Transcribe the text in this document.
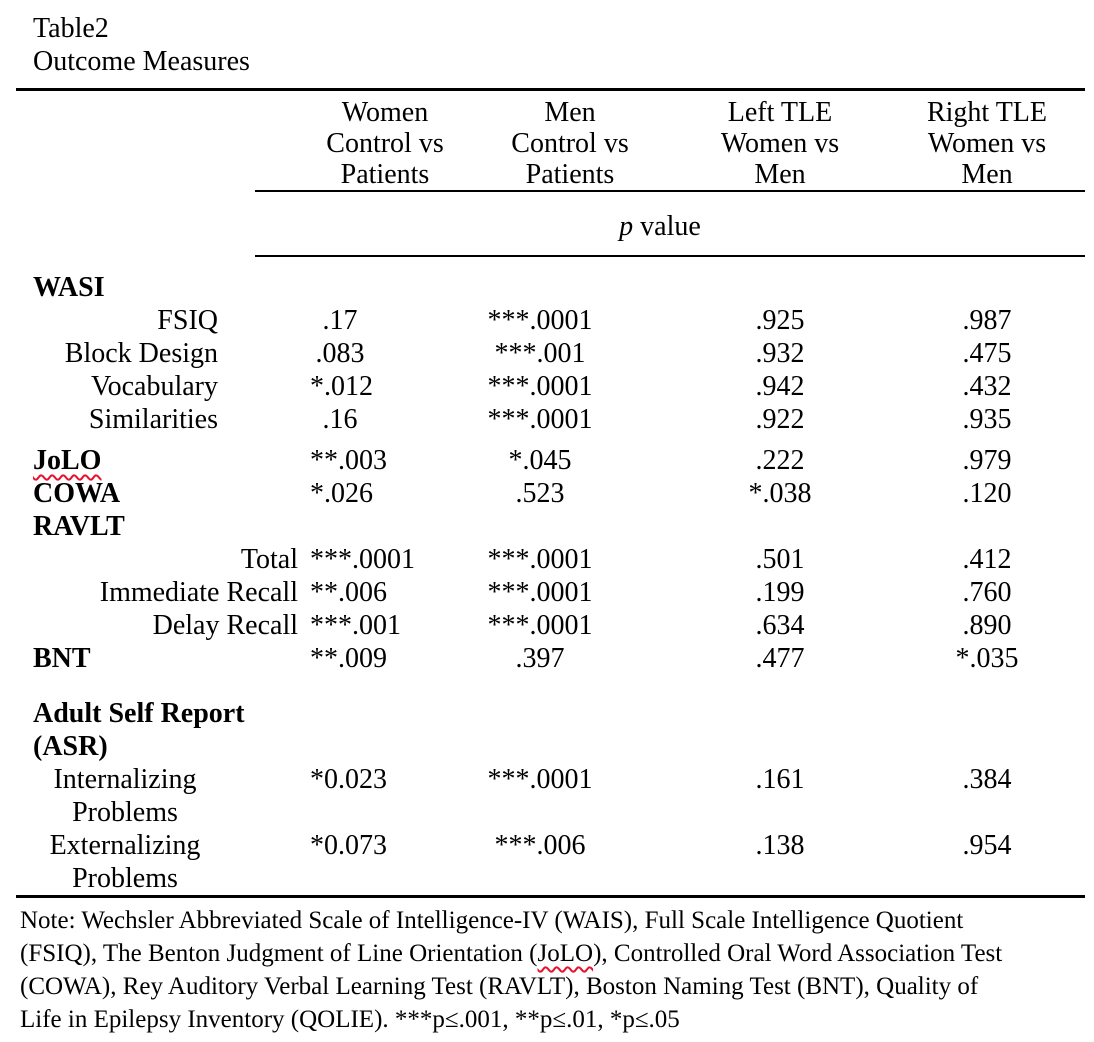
Table2
Outcome Measures
Women
Control vs
Patients
Men
Control vs
Patients
Left TLE
Women vs
Men
Right TLE
Women vs
Men
p value
WASI
FSIQ	.17	***.0001	.925	.987
Block Design	.083	***.001	.932	.475
Vocabulary	*.012	***.0001	.942	.432
Similarities	.16	***.0001	.922	.935
JoLO	**.003	*.045	.222	.979
COWA	*.026	.523	*.038	.120
RAVLT
Total ***.0001	***.0001	.501	.412
Immediate Recall **.006	***.0001	.199	.760
Delay Recall ***.001	***.0001	.634	.890
BNT	**.009	.397	.477	*.035
Adult Self Report
(ASR)
Internalizing
Problems
*0.023	***.0001	.161	.384
Externalizing
Problems
*0.073	***.006	.138	.954
Note: Wechsler Abbreviated Scale of Intelligence-IV (WAIS), Full Scale Intelligence Quotient
(FSIQ), The Benton Judgment of Line Orientation (JoLO), Controlled Oral Word Association Test
(COWA), Rey Auditory Verbal Learning Test (RAVLT), Boston Naming Test (BNT), Quality of
Life in Epilepsy Inventory (QOLIE). ***p≤.001, **p≤.01, *p≤.05
